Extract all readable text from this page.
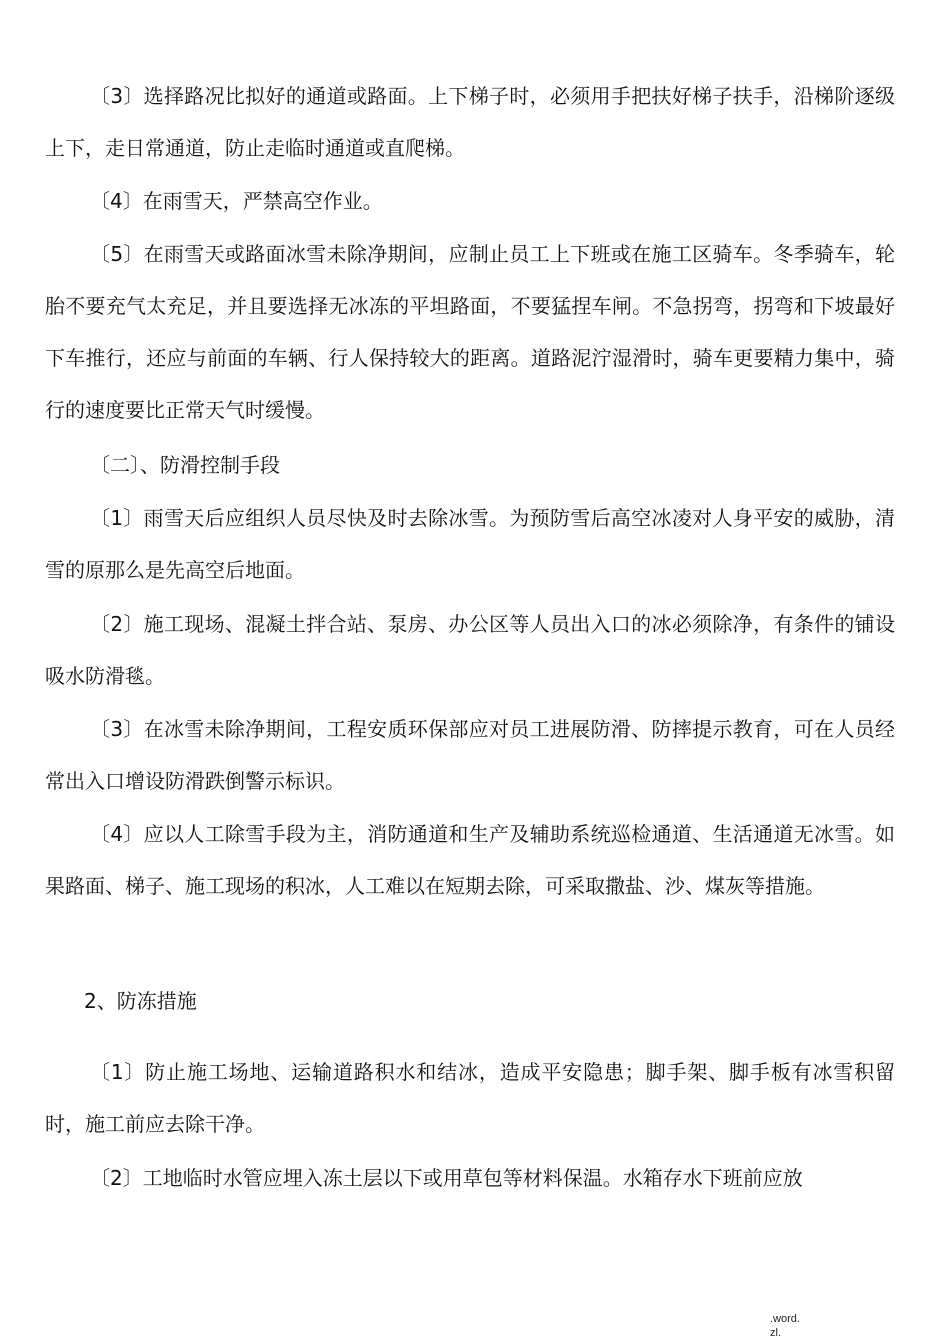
〔3〕选择路况比拟好的通道或路面。上下梯子时，必须用手把扶好梯子扶手，沿梯阶逐级上下，走日常通道，防止走临时通道或直爬梯。

〔4〕在雨雪天，严禁高空作业。

〔5〕在雨雪天或路面冰雪未除净期间，应制止员工上下班或在施工区骑车。冬季骑车，轮胎不要充气太充足，并且要选择无冰冻的平坦路面，不要猛捏车闸。不急拐弯，拐弯和下坡最好下车推行，还应与前面的车辆、行人保持较大的距离。道路泥泞湿滑时，骑车更要精力集中，骑行的速度要比正常天气时缓慢。

〔二〕、防滑控制手段

〔1〕雨雪天后应组织人员尽快及时去除冰雪。为预防雪后高空冰凌对人身平安的威胁，清雪的原那么是先高空后地面。

〔2〕施工现场、混凝土拌合站、泵房、办公区等人员出入口的冰必须除净，有条件的铺设吸水防滑毯。

〔3〕在冰雪未除净期间，工程安质环保部应对员工进展防滑、防摔提示教育，可在人员经常出入口增设防滑跌倒警示标识。

〔4〕应以人工除雪手段为主，消防通道和生产及辅助系统巡检通道、生活通道无冰雪。如果路面、梯子、施工现场的积冰，人工难以在短期去除，可采取撒盐、沙、煤灰等措施。

2、防冻措施

〔1〕防止施工场地、运输道路积水和结冰，造成平安隐患；脚手架、脚手板有冰雪积留时，施工前应去除干净。

〔2〕工地临时水管应埋入冻土层以下或用草包等材料保温。水箱存水下班前应放

.word.
zl.
